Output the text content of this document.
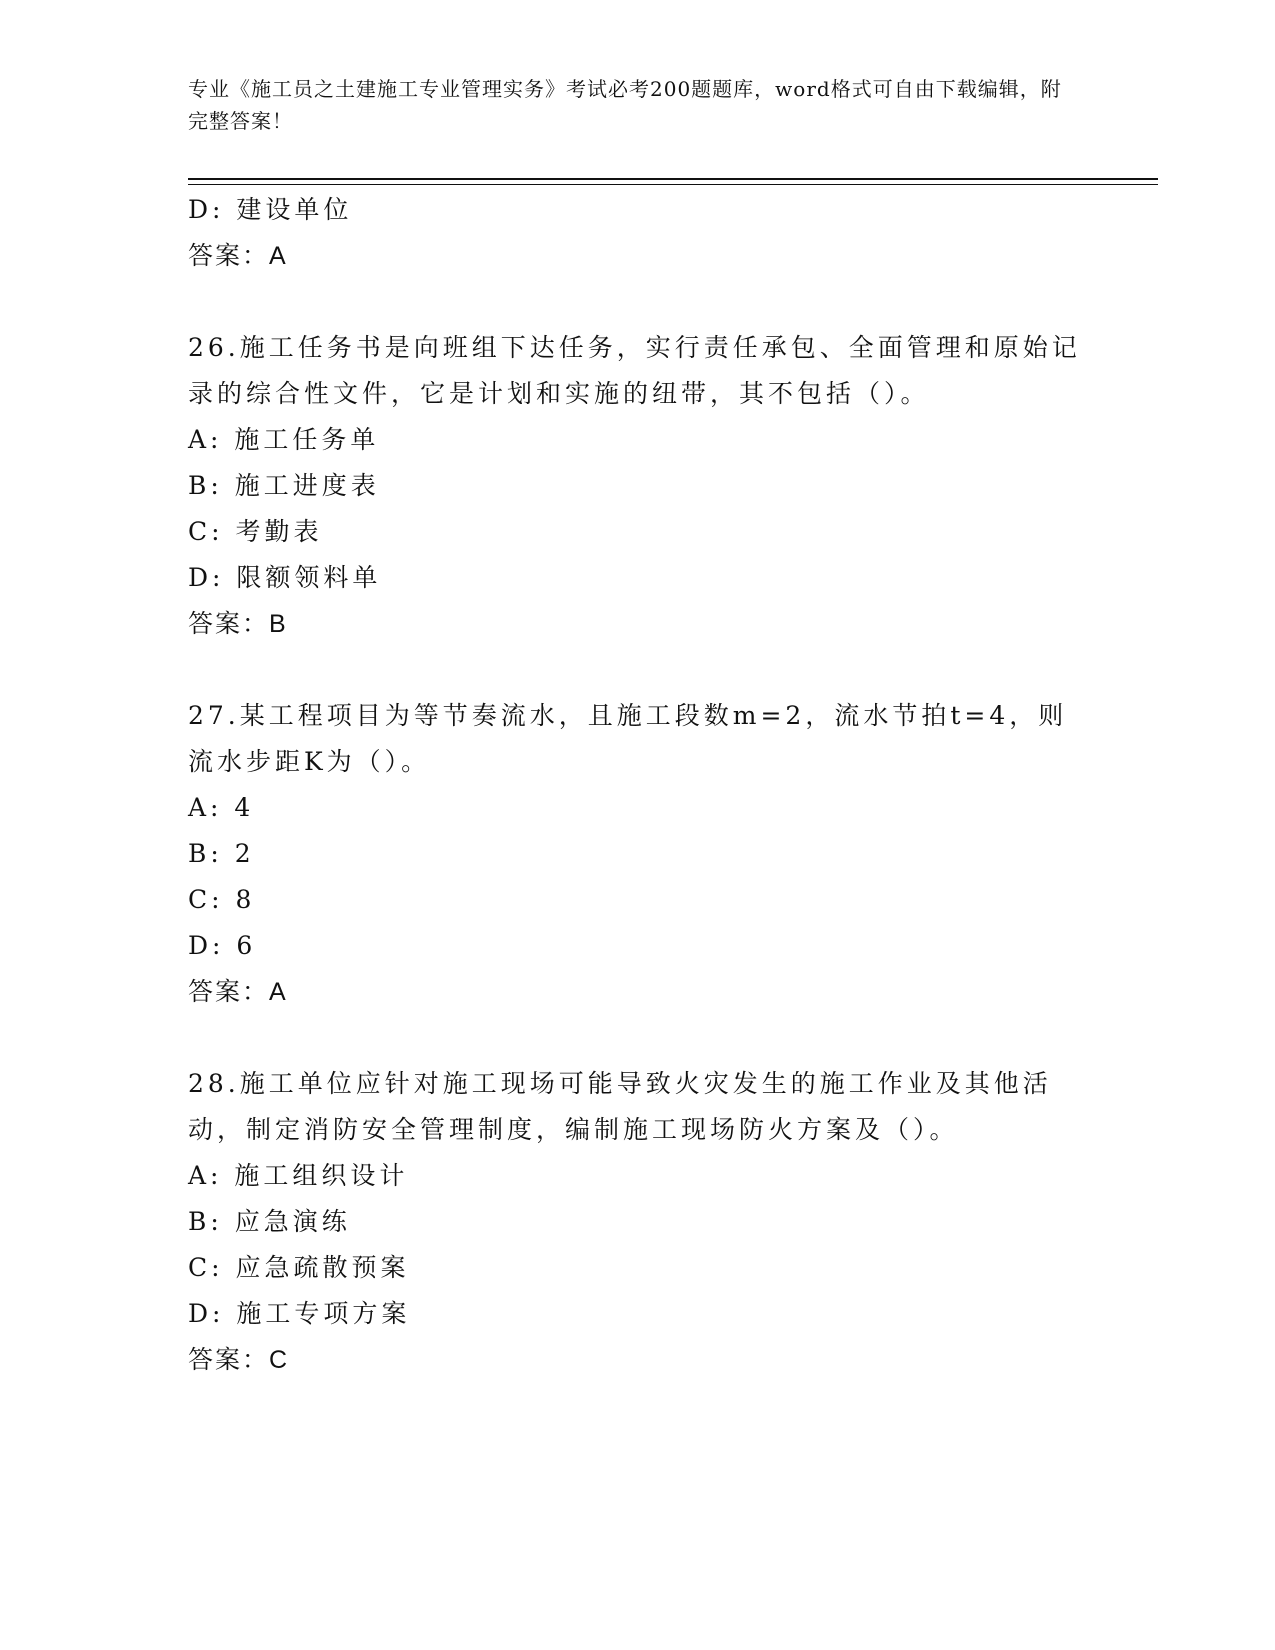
专业《施工员之土建施工专业管理实务》考试必考200题题库，word格式可自由下载编辑，附完整答案！
D: 建设单位
答案：A
26.施工任务书是向班组下达任务，实行责任承包、全面管理和原始记录的综合性文件，它是计划和实施的纽带，其不包括（）。
A: 施工任务单
B: 施工进度表
C: 考勤表
D: 限额领料单
答案：B
27.某工程项目为等节奏流水，且施工段数m=2，流水节拍t=4，则流水步距K为（）。
A: 4
B: 2
C: 8
D: 6
答案：A
28.施工单位应针对施工现场可能导致火灾发生的施工作业及其他活动，制定消防安全管理制度，编制施工现场防火方案及（）。
A: 施工组织设计
B: 应急演练
C: 应急疏散预案
D: 施工专项方案
答案：C
